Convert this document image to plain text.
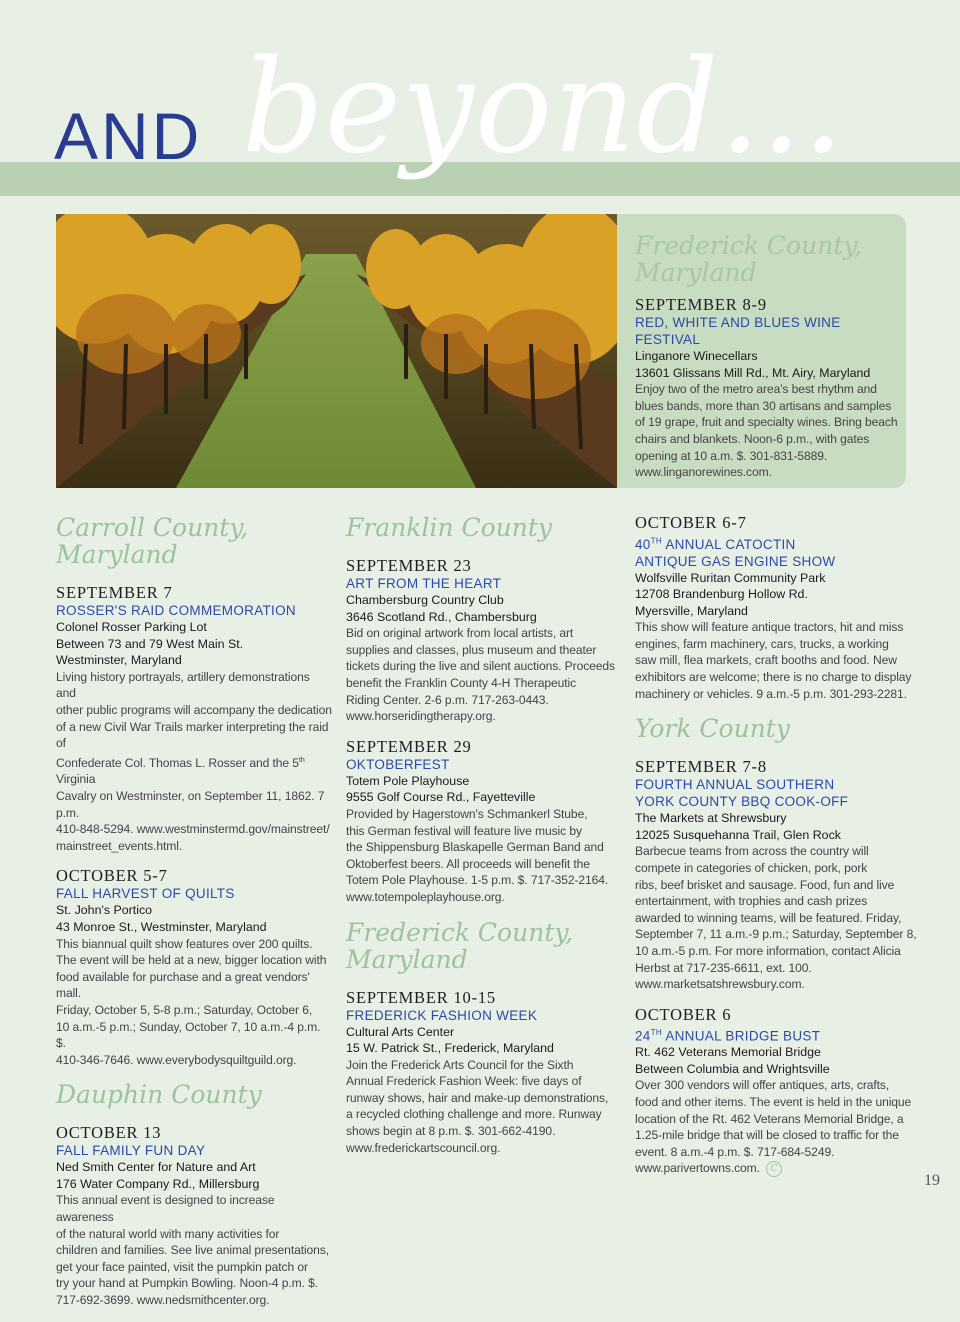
beyond...
AND

Frederick County,
Maryland

SEPTEMBER 8-9

RED, WHITE AND BLUES WINE FESTIVAL

Linganore Winecellars
13601 Glissans Mill Rd., Mt. Airy, Maryland

Enjoy two of the metro area's best rhythm and
blues bands, more than 30 artisans and samples
of 19 grape, fruit and specialty wines. Bring beach
chairs and blankets. Noon-6 p.m., with gates
opening at 10 a.m. $. 301-831-5889.
www.linganorewines.com.

Carroll County,
Maryland

SEPTEMBER 7

ROSSER'S RAID COMMEMORATION

Colonel Rosser Parking Lot
Between 73 and 79 West Main St.
Westminster, Maryland

Living history portrayals, artillery demonstrations and
other public programs will accompany the dedication
of a new Civil War Trails marker interpreting the raid of
Confederate Col. Thomas L. Rosser and the 5th Virginia
Cavalry on Westminster, on September 11, 1862. 7 p.m.
410-848-5294. www.westminstermd.gov/mainstreet/
mainstreet_events.html.

OCTOBER 5-7

FALL HARVEST OF QUILTS

St. John's Portico
43 Monroe St., Westminster, Maryland

This biannual quilt show features over 200 quilts.
The event will be held at a new, bigger location with
food available for purchase and a great vendors' mall.
Friday, October 5, 5-8 p.m.; Saturday, October 6,
10 a.m.-5 p.m.; Sunday, October 7, 10 a.m.-4 p.m. $.
410-346-7646. www.everybodysquiltguild.org.

Dauphin County

OCTOBER 13

FALL FAMILY FUN DAY

Ned Smith Center for Nature and Art
176 Water Company Rd., Millersburg

This annual event is designed to increase awareness
of the natural world with many activities for
children and families. See live animal presentations,
get your face painted, visit the pumpkin patch or
try your hand at Pumpkin Bowling. Noon-4 p.m. $.
717-692-3699. www.nedsmithcenter.org.

Franklin County

SEPTEMBER 23

ART FROM THE HEART

Chambersburg Country Club
3646 Scotland Rd., Chambersburg

Bid on original artwork from local artists, art
supplies and classes, plus museum and theater
tickets during the live and silent auctions. Proceeds
benefit the Franklin County 4-H Therapeutic
Riding Center. 2-6 p.m. 717-263-0443.
www.horseridingtherapy.org.

SEPTEMBER 29

OKTOBERFEST

Totem Pole Playhouse
9555 Golf Course Rd., Fayetteville

Provided by Hagerstown's Schmankerl Stube,
this German festival will feature live music by
the Shippensburg Blaskapelle German Band and
Oktoberfest beers. All proceeds will benefit the
Totem Pole Playhouse. 1-5 p.m. $. 717-352-2164.
www.totempoleplayhouse.org.

Frederick County,
Maryland

SEPTEMBER 10-15

FREDERICK FASHION WEEK

Cultural Arts Center
15 W. Patrick St., Frederick, Maryland

Join the Frederick Arts Council for the Sixth
Annual Frederick Fashion Week: five days of
runway shows, hair and make-up demonstrations,
a recycled clothing challenge and more. Runway
shows begin at 8 p.m. $. 301-662-4190.
www.frederickartscouncil.org.

OCTOBER 6-7

40TH ANNUAL CATOCTIN
ANTIQUE GAS ENGINE SHOW

Wolfsville Ruritan Community Park
12708 Brandenburg Hollow Rd.
Myersville, Maryland

This show will feature antique tractors, hit and miss
engines, farm machinery, cars, trucks, a working
saw mill, flea markets, craft booths and food. New
exhibitors are welcome; there is no charge to display
machinery or vehicles. 9 a.m.-5 p.m. 301-293-2281.

York County

SEPTEMBER 7-8

FOURTH ANNUAL SOUTHERN
YORK COUNTY BBQ COOK-OFF

The Markets at Shrewsbury
12025 Susquehanna Trail, Glen Rock

Barbecue teams from across the country will
compete in categories of chicken, pork, pork
ribs, beef brisket and sausage. Food, fun and live
entertainment, with trophies and cash prizes
awarded to winning teams, will be featured. Friday,
September 7, 11 a.m.-9 p.m.; Saturday, September 8,
10 a.m.-5 p.m. For more information, contact Alicia
Herbst at 717-235-6611, ext. 100.
www.marketsatshrewsbury.com.

OCTOBER 6

24TH ANNUAL BRIDGE BUST

Rt. 462 Veterans Memorial Bridge
Between Columbia and Wrightsville

Over 300 vendors will offer antiques, arts, crafts,
food and other items. The event is held in the unique
location of the Rt. 462 Veterans Memorial Bridge, a
1.25-mile bridge that will be closed to traffic for the
event. 8 a.m.-4 p.m. $. 717-684-5249.
www.parivertowns.com. C

19
